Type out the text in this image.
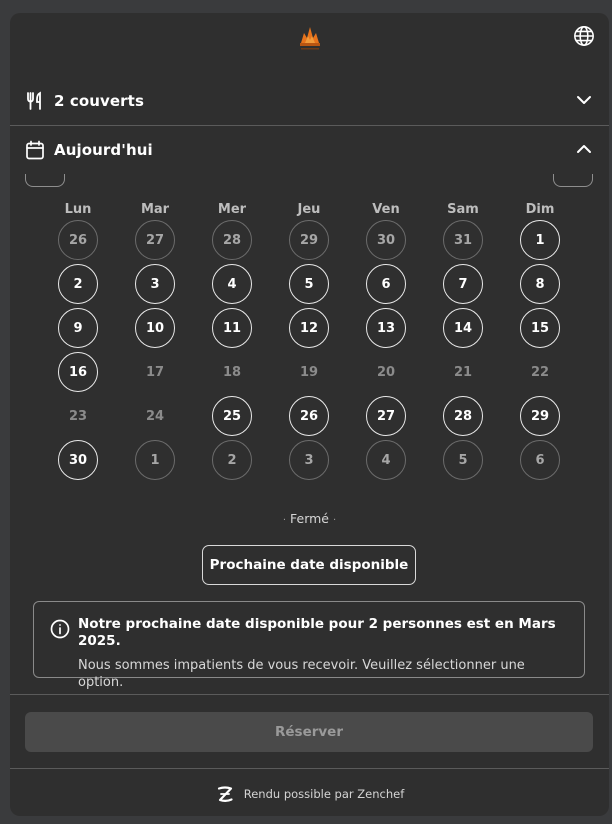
2 couverts
Aujourd'hui
Lun	Mar	Mer	Jeu	Ven	Sam	Dim
26	27	28	29	30	31	1
2	3	4	5	6	7	8
9	10	11	12	13	14	15
16	17	18	19	20	21	22
23	24	25	26	27	28	29
30	1	2	3	4	5	6
· Fermé ·
Prochaine date disponible
Notre prochaine date disponible pour 2 personnes est en Mars 2025.
Nous sommes impatients de vous recevoir. Veuillez sélectionner une option.
Réserver
Rendu possible par Zenchef
